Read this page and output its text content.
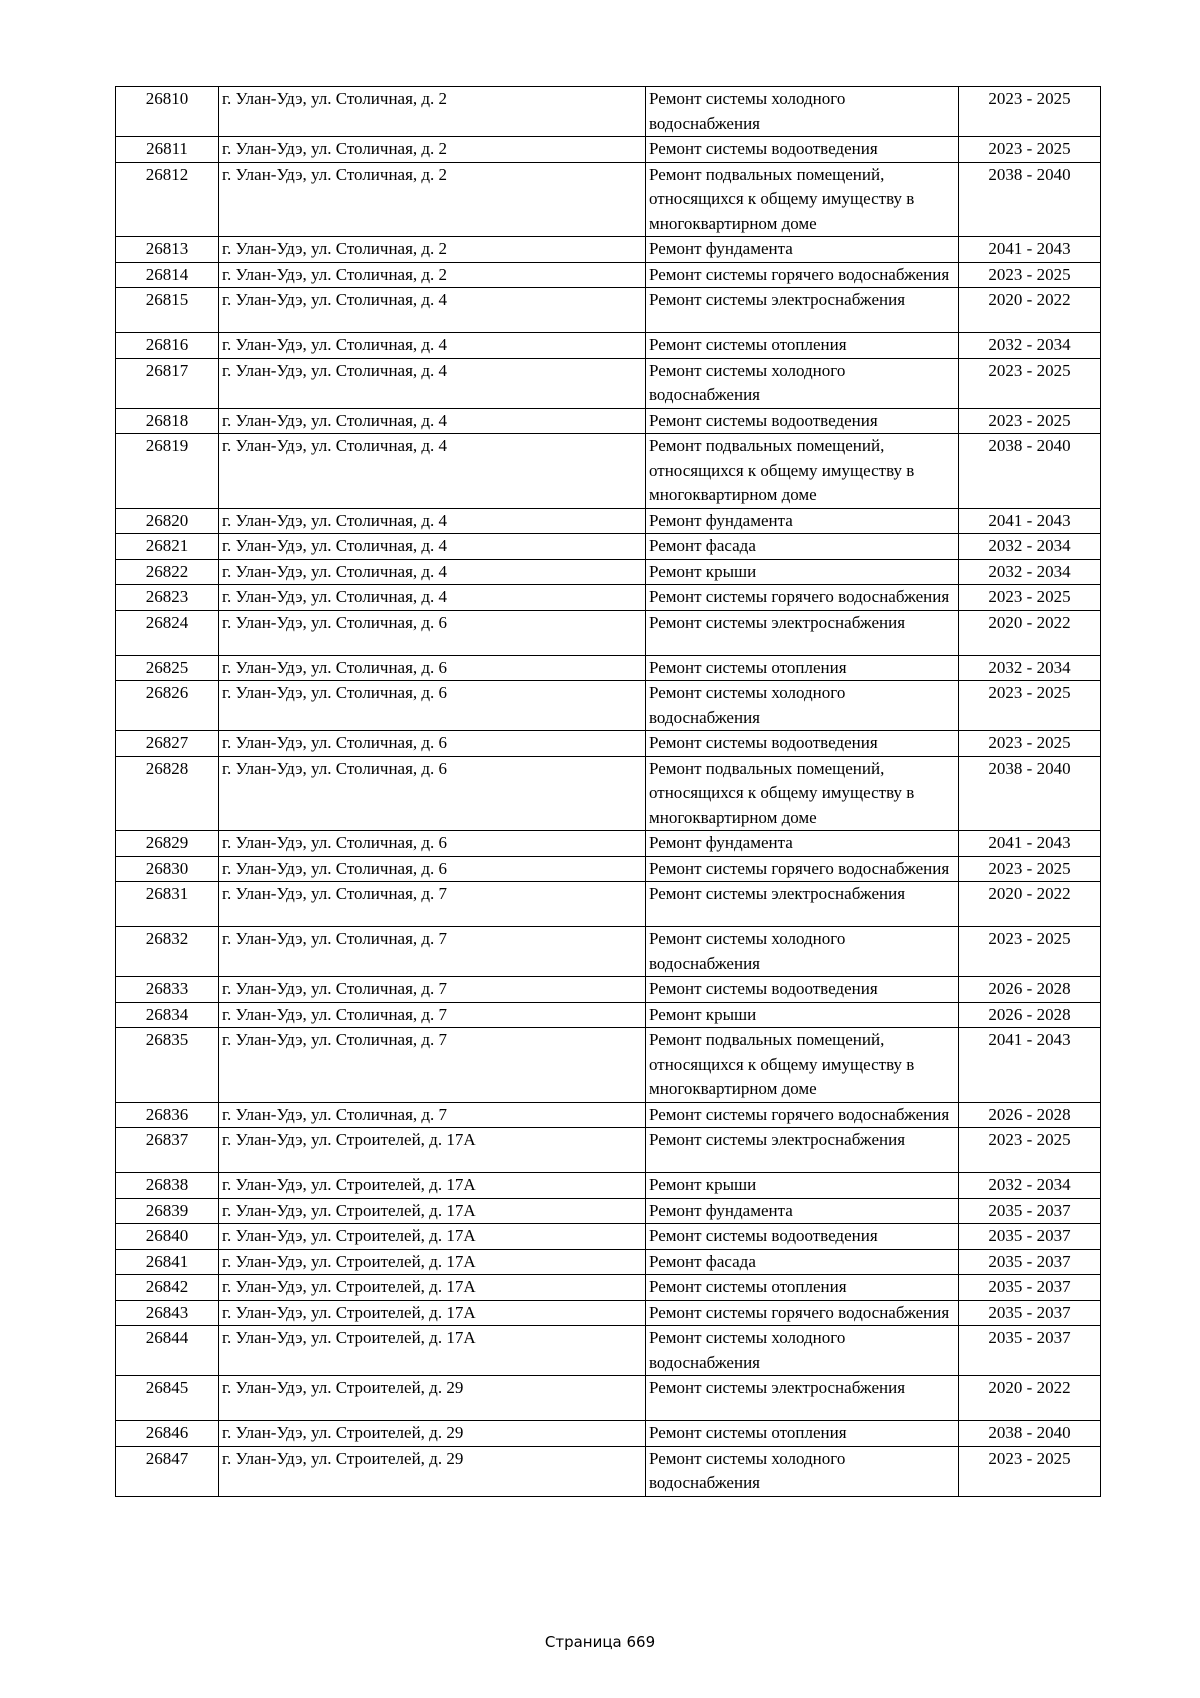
26810	г. Улан-Удэ, ул. Столичная, д. 2	Ремонт системы холодного водоснабжения	2023 - 2025
26811	г. Улан-Удэ, ул. Столичная, д. 2	Ремонт системы водоотведения	2023 - 2025
26812	г. Улан-Удэ, ул. Столичная, д. 2	Ремонт подвальных помещений, относящихся к общему имуществу в многоквартирном доме	2038 - 2040
26813	г. Улан-Удэ, ул. Столичная, д. 2	Ремонт фундамента	2041 - 2043
26814	г. Улан-Удэ, ул. Столичная, д. 2	Ремонт системы горячего водоснабжения	2023 - 2025
26815	г. Улан-Удэ, ул. Столичная, д. 4	Ремонт системы электроснабжения	2020 - 2022
26816	г. Улан-Удэ, ул. Столичная, д. 4	Ремонт системы отопления	2032 - 2034
26817	г. Улан-Удэ, ул. Столичная, д. 4	Ремонт системы холодного водоснабжения	2023 - 2025
26818	г. Улан-Удэ, ул. Столичная, д. 4	Ремонт системы водоотведения	2023 - 2025
26819	г. Улан-Удэ, ул. Столичная, д. 4	Ремонт подвальных помещений, относящихся к общему имуществу в многоквартирном доме	2038 - 2040
26820	г. Улан-Удэ, ул. Столичная, д. 4	Ремонт фундамента	2041 - 2043
26821	г. Улан-Удэ, ул. Столичная, д. 4	Ремонт фасада	2032 - 2034
26822	г. Улан-Удэ, ул. Столичная, д. 4	Ремонт крыши	2032 - 2034
26823	г. Улан-Удэ, ул. Столичная, д. 4	Ремонт системы горячего водоснабжения	2023 - 2025
26824	г. Улан-Удэ, ул. Столичная, д. 6	Ремонт системы электроснабжения	2020 - 2022
26825	г. Улан-Удэ, ул. Столичная, д. 6	Ремонт системы отопления	2032 - 2034
26826	г. Улан-Удэ, ул. Столичная, д. 6	Ремонт системы холодного водоснабжения	2023 - 2025
26827	г. Улан-Удэ, ул. Столичная, д. 6	Ремонт системы водоотведения	2023 - 2025
26828	г. Улан-Удэ, ул. Столичная, д. 6	Ремонт подвальных помещений, относящихся к общему имуществу в многоквартирном доме	2038 - 2040
26829	г. Улан-Удэ, ул. Столичная, д. 6	Ремонт фундамента	2041 - 2043
26830	г. Улан-Удэ, ул. Столичная, д. 6	Ремонт системы горячего водоснабжения	2023 - 2025
26831	г. Улан-Удэ, ул. Столичная, д. 7	Ремонт системы электроснабжения	2020 - 2022
26832	г. Улан-Удэ, ул. Столичная, д. 7	Ремонт системы холодного водоснабжения	2023 - 2025
26833	г. Улан-Удэ, ул. Столичная, д. 7	Ремонт системы водоотведения	2026 - 2028
26834	г. Улан-Удэ, ул. Столичная, д. 7	Ремонт крыши	2026 - 2028
26835	г. Улан-Удэ, ул. Столичная, д. 7	Ремонт подвальных помещений, относящихся к общему имуществу в многоквартирном доме	2041 - 2043
26836	г. Улан-Удэ, ул. Столичная, д. 7	Ремонт системы горячего водоснабжения	2026 - 2028
26837	г. Улан-Удэ, ул. Строителей, д. 17А	Ремонт системы электроснабжения	2023 - 2025
26838	г. Улан-Удэ, ул. Строителей, д. 17А	Ремонт крыши	2032 - 2034
26839	г. Улан-Удэ, ул. Строителей, д. 17А	Ремонт фундамента	2035 - 2037
26840	г. Улан-Удэ, ул. Строителей, д. 17А	Ремонт системы водоотведения	2035 - 2037
26841	г. Улан-Удэ, ул. Строителей, д. 17А	Ремонт фасада	2035 - 2037
26842	г. Улан-Удэ, ул. Строителей, д. 17А	Ремонт системы отопления	2035 - 2037
26843	г. Улан-Удэ, ул. Строителей, д. 17А	Ремонт системы горячего водоснабжения	2035 - 2037
26844	г. Улан-Удэ, ул. Строителей, д. 17А	Ремонт системы холодного водоснабжения	2035 - 2037
26845	г. Улан-Удэ, ул. Строителей, д. 29	Ремонт системы электроснабжения	2020 - 2022
26846	г. Улан-Удэ, ул. Строителей, д. 29	Ремонт системы отопления	2038 - 2040
26847	г. Улан-Удэ, ул. Строителей, д. 29	Ремонт системы холодного водоснабжения	2023 - 2025
Страница 669
